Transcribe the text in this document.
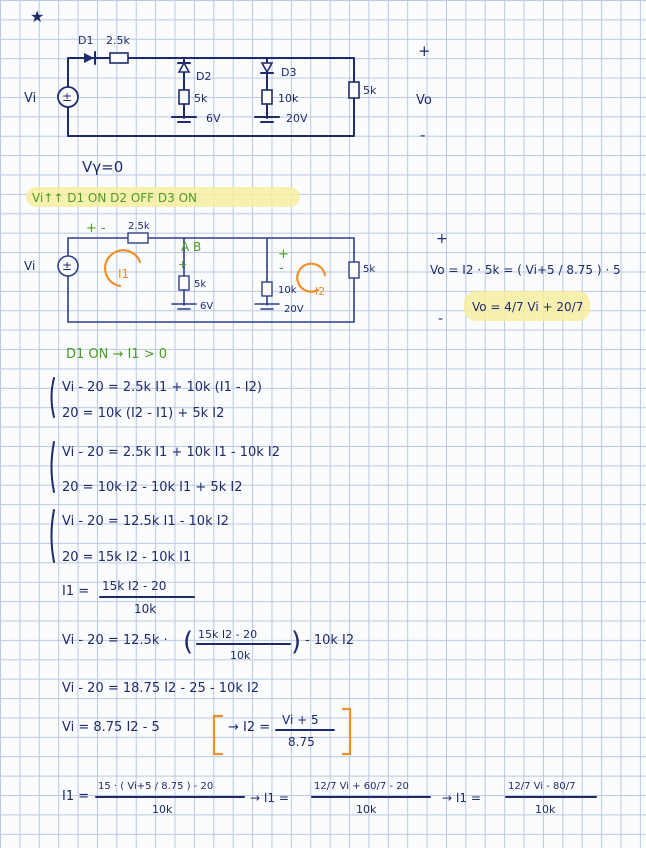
★
D1 2.5k
±
Vi
D2
5k
6V
D3
10k
20V
5k
+
Vo
-
Vγ=0
Vi↑↑ D1 ON D2 OFF D3 ON
2.5k
+ -
±
Vi
I1
A B
+
5k
6V
+
-
10k
20V
I2
5k
+
-
Vo = I2 · 5k = ( Vi+5 / 8.75 ) · 5
Vo = 4/7 Vi + 20/7
D1 ON → I1 > 0
Vi - 20 = 2.5k I1 + 10k (I1 - I2)
20 = 10k (I2 - I1) + 5k I2
Vi - 20 = 2.5k I1 + 10k I1 - 10k I2
20 = 10k I2 - 10k I1 + 5k I2
Vi - 20 = 12.5k I1 - 10k I2
20 = 15k I2 - 10k I1
I1 = 15k I2 - 20
10k
Vi - 20 = 12.5k · ( 15k I2 - 20
10k ) - 10k I2
Vi - 20 = 18.75 I2 - 25 - 10k I2
Vi = 8.75 I2 - 5	→ I2 = Vi + 5
8.75
I1 =
15 · ( Vi+5 / 8.75 ) - 20
10k
→ I1 =
12/7 Vi + 60/7 - 20
10k
→ I1 =
12/7 Vi - 80/7
10k
